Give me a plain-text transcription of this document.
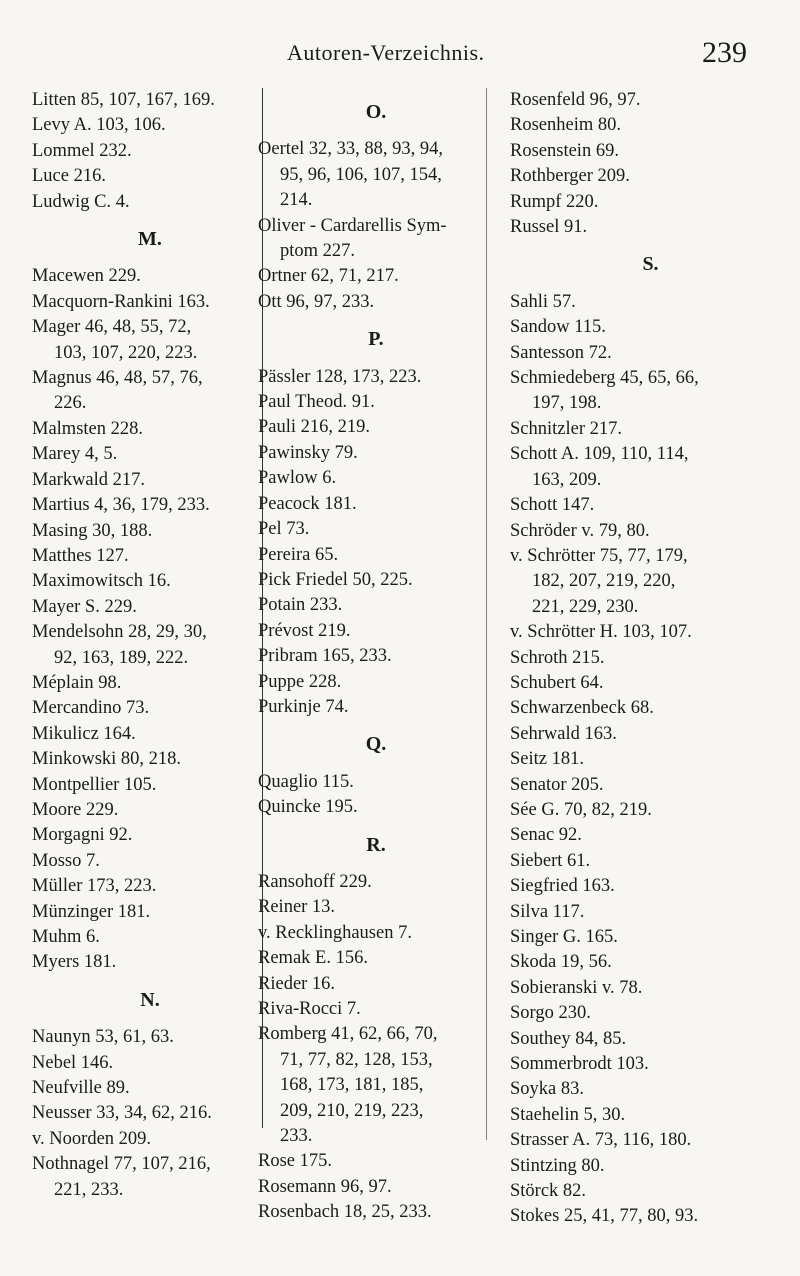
Autoren-Verzeichnis.	239
Litten 85, 107, 167, 169.
Levy A. 103, 106.
Lommel 232.
Luce 216.
Ludwig C. 4.
M.
Macewen 229.
Macquorn-Rankini 163.
Mager 46, 48, 55, 72,
103, 107, 220, 223.
Magnus 46, 48, 57, 76,
226.
Malmsten 228.
Marey 4, 5.
Markwald 217.
Martius 4, 36, 179, 233.
Masing 30, 188.
Matthes 127.
Maximowitsch 16.
Mayer S. 229.
Mendelsohn 28, 29, 30,
92, 163, 189, 222.
Méplain 98.
Mercandino 73.
Mikulicz 164.
Minkowski 80, 218.
Montpellier 105.
Moore 229.
Morgagni 92.
Mosso 7.
Müller 173, 223.
Münzinger 181.
Muhm 6.
Myers 181.
N.
Naunyn 53, 61, 63.
Nebel 146.
Neufville 89.
Neusser 33, 34, 62, 216.
v. Noorden 209.
Nothnagel 77, 107, 216,
221, 233.
O.
Oertel 32, 33, 88, 93, 94,
95, 96, 106, 107, 154,
214.
Oliver - Cardarellis Sym-
ptom 227.
Ortner 62, 71, 217.
Ott 96, 97, 233.
P.
Pässler 128, 173, 223.
Paul Theod. 91.
Pauli 216, 219.
Pawinsky 79.
Pawlow 6.
Peacock 181.
Pel 73.
Pereira 65.
Pick Friedel 50, 225.
Potain 233.
Prévost 219.
Pribram 165, 233.
Puppe 228.
Purkinje 74.
Q.
Quaglio 115.
Quincke 195.
R.
Ransohoff 229.
Reiner 13.
v. Recklinghausen 7.
Remak E. 156.
Rieder 16.
Riva-Rocci 7.
Romberg 41, 62, 66, 70,
71, 77, 82, 128, 153,
168, 173, 181, 185,
209, 210, 219, 223,
233.
Rose 175.
Rosemann 96, 97.
Rosenbach 18, 25, 233.
Rosenfeld 96, 97.
Rosenheim 80.
Rosenstein 69.
Rothberger 209.
Rumpf 220.
Russel 91.
S.
Sahli 57.
Sandow 115.
Santesson 72.
Schmiedeberg 45, 65, 66,
197, 198.
Schnitzler 217.
Schott A. 109, 110, 114,
163, 209.
Schott 147.
Schröder v. 79, 80.
v. Schrötter 75, 77, 179,
182, 207, 219, 220,
221, 229, 230.
v. Schrötter H. 103, 107.
Schroth 215.
Schubert 64.
Schwarzenbeck 68.
Sehrwald 163.
Seitz 181.
Senator 205.
Sée G. 70, 82, 219.
Senac 92.
Siebert 61.
Siegfried 163.
Silva 117.
Singer G. 165.
Skoda 19, 56.
Sobieranski v. 78.
Sorgo 230.
Southey 84, 85.
Sommerbrodt 103.
Soyka 83.
Staehelin 5, 30.
Strasser A. 73, 116, 180.
Stintzing 80.
Störck 82.
Stokes 25, 41, 77, 80, 93.
